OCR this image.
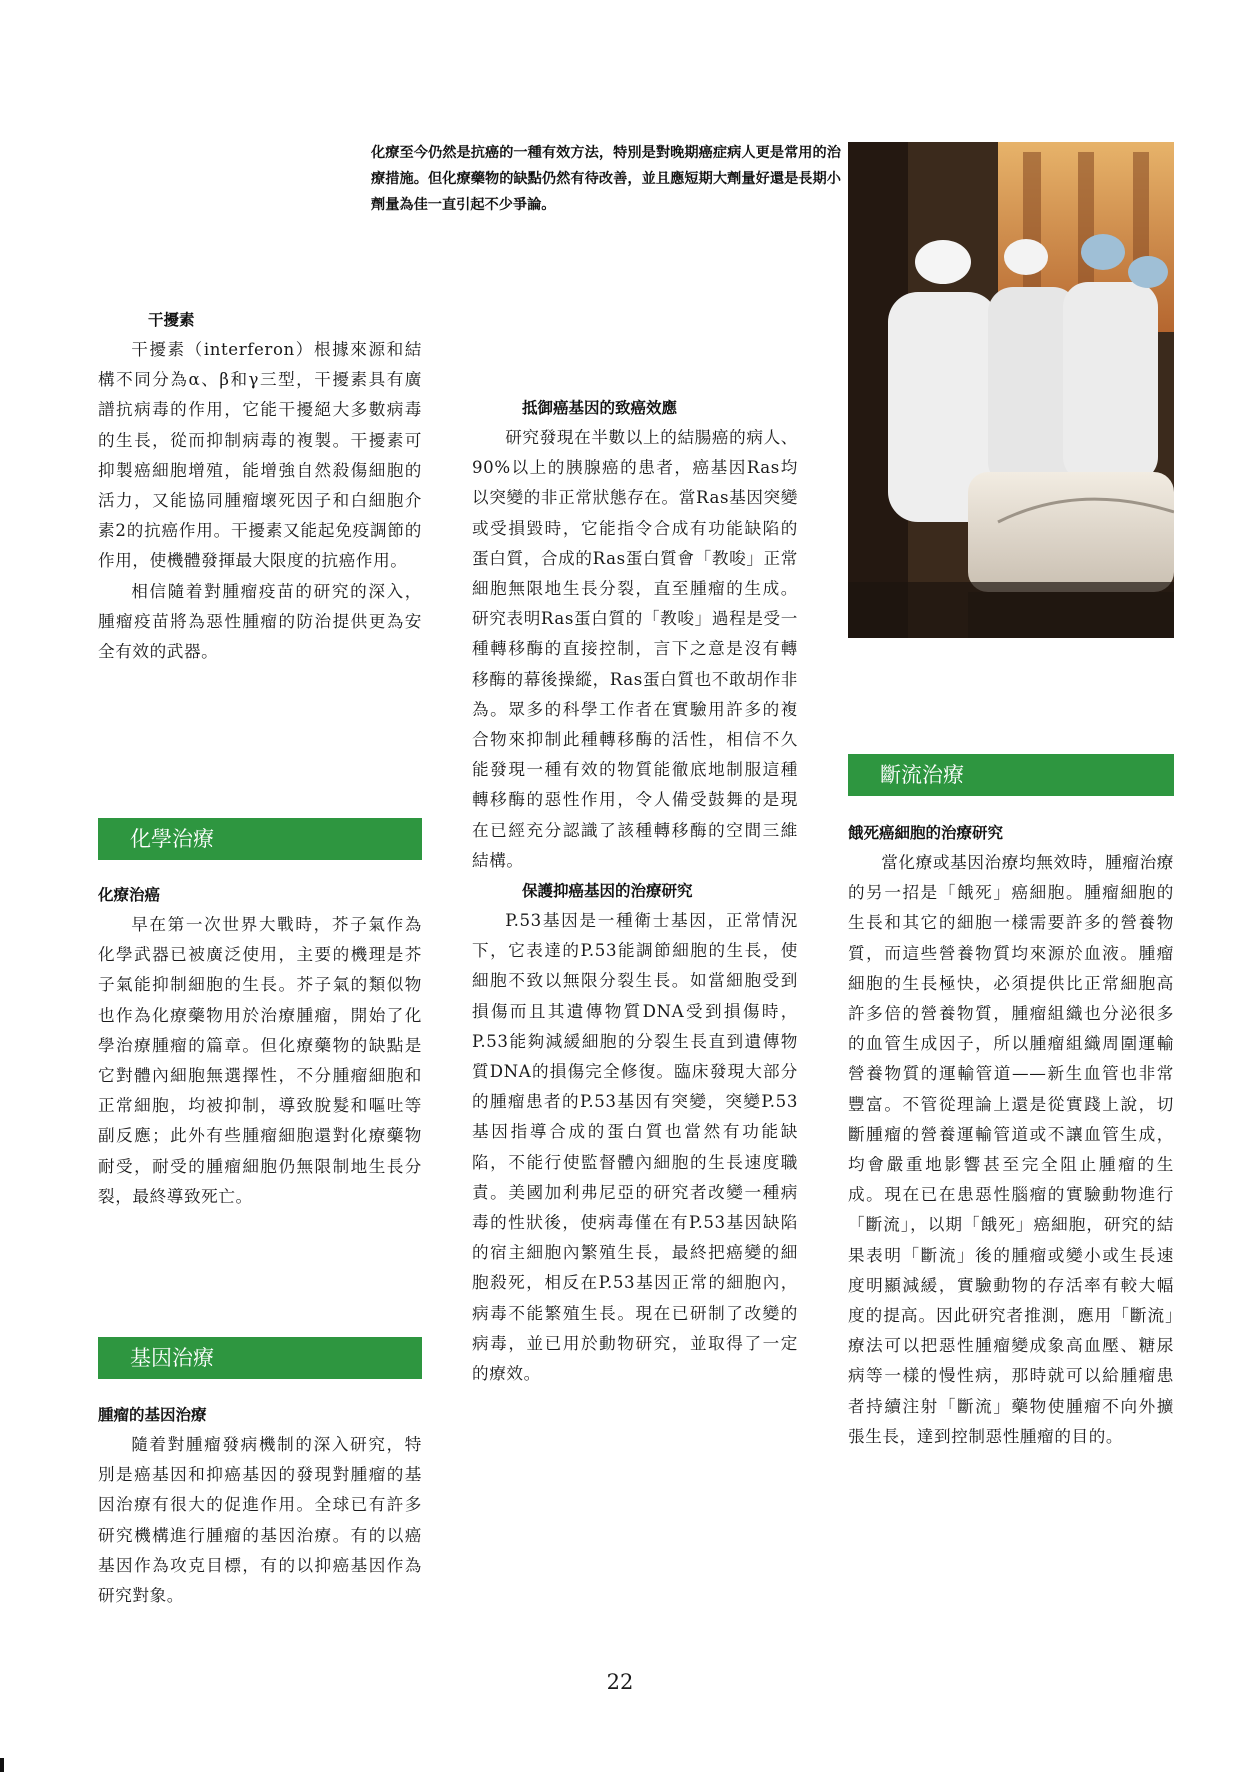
化療至今仍然是抗癌的一種有效方法，特別是對晚期癌症病人更是常用的治療措施。但化療藥物的缺點仍然有待改善，並且應短期大劑量好還是長期小劑量為佳一直引起不少爭論。
干擾素

干擾素（interferon）根據來源和結構不同分為α、β和γ三型，干擾素具有廣譜抗病毒的作用，它能干擾絕大多數病毒的生長，從而抑制病毒的複製。干擾素可抑製癌細胞增殖，能增強自然殺傷細胞的活力，又能協同腫瘤壞死因子和白細胞介素2的抗癌作用。干擾素又能起免疫調節的作用，使機體發揮最大限度的抗癌作用。

相信隨着對腫瘤疫苗的研究的深入，腫瘤疫苗將為惡性腫瘤的防治提供更為安全有效的武器。

化學治療
化療治癌

早在第一次世界大戰時，芥子氣作為化學武器已被廣泛使用，主要的機理是芥子氣能抑制細胞的生長。芥子氣的類似物也作為化療藥物用於治療腫瘤，開始了化學治療腫瘤的篇章。但化療藥物的缺點是它對體內細胞無選擇性，不分腫瘤細胞和正常細胞，均被抑制，導致脫髮和嘔吐等副反應；此外有些腫瘤細胞還對化療藥物耐受，耐受的腫瘤細胞仍無限制地生長分裂，最終導致死亡。

基因治療
腫瘤的基因治療

隨着對腫瘤發病機制的深入研究，特別是癌基因和抑癌基因的發現對腫瘤的基因治療有很大的促進作用。全球已有許多研究機構進行腫瘤的基因治療。有的以癌基因作為攻克目標，有的以抑癌基因作為研究對象。

抵御癌基因的致癌效應

研究發現在半數以上的結腸癌的病人、90%以上的胰腺癌的患者，癌基因Ras均以突變的非正常狀態存在。當Ras基因突變或受損毀時，它能指令合成有功能缺陷的蛋白質，合成的Ras蛋白質會「教唆」正常細胞無限地生長分裂，直至腫瘤的生成。研究表明Ras蛋白質的「教唆」過程是受一種轉移酶的直接控制，言下之意是沒有轉移酶的幕後操縱，Ras蛋白質也不敢胡作非為。眾多的科學工作者在實驗用許多的複合物來抑制此種轉移酶的活性，相信不久能發現一種有效的物質能徹底地制服這種轉移酶的惡性作用，令人備受鼓舞的是現在已經充分認識了該種轉移酶的空間三維結構。

保護抑癌基因的治療研究

P.53基因是一種衛士基因，正常情況下，它表達的P.53能調節細胞的生長，使細胞不致以無限分裂生長。如當細胞受到損傷而且其遺傳物質DNA受到損傷時，P.53能夠減緩細胞的分裂生長直到遺傳物質DNA的損傷完全修復。臨床發現大部分的腫瘤患者的P.53基因有突變，突變P.53基因指導合成的蛋白質也當然有功能缺陷，不能行使監督體內細胞的生長速度職責。美國加利弗尼亞的研究者改變一種病毒的性狀後，使病毒僅在有P.53基因缺陷的宿主細胞內繁殖生長，最終把癌變的細胞殺死，相反在P.53基因正常的細胞內，病毒不能繁殖生長。現在已研制了改變的病毒，並已用於動物研究，並取得了一定的療效。

斷流治療
餓死癌細胞的治療研究

當化療或基因治療均無效時，腫瘤治療的另一招是「餓死」癌細胞。腫瘤細胞的生長和其它的細胞一樣需要許多的營養物質，而這些營養物質均來源於血液。腫瘤細胞的生長極快，必須提供比正常細胞高許多倍的營養物質，腫瘤組織也分泌很多的血管生成因子，所以腫瘤組織周圍運輸營養物質的運輸管道——新生血管也非常豐富。不管從理論上還是從實踐上說，切斷腫瘤的營養運輸管道或不讓血管生成，均會嚴重地影響甚至完全阻止腫瘤的生成。現在已在患惡性腦瘤的實驗動物進行「斷流」，以期「餓死」癌細胞，研究的結果表明「斷流」後的腫瘤或變小或生長速度明顯減緩，實驗動物的存活率有較大幅度的提高。因此研究者推測，應用「斷流」療法可以把惡性腫瘤變成象高血壓、糖尿病等一樣的慢性病，那時就可以給腫瘤患者持續注射「斷流」藥物使腫瘤不向外擴張生長，達到控制惡性腫瘤的目的。

22
